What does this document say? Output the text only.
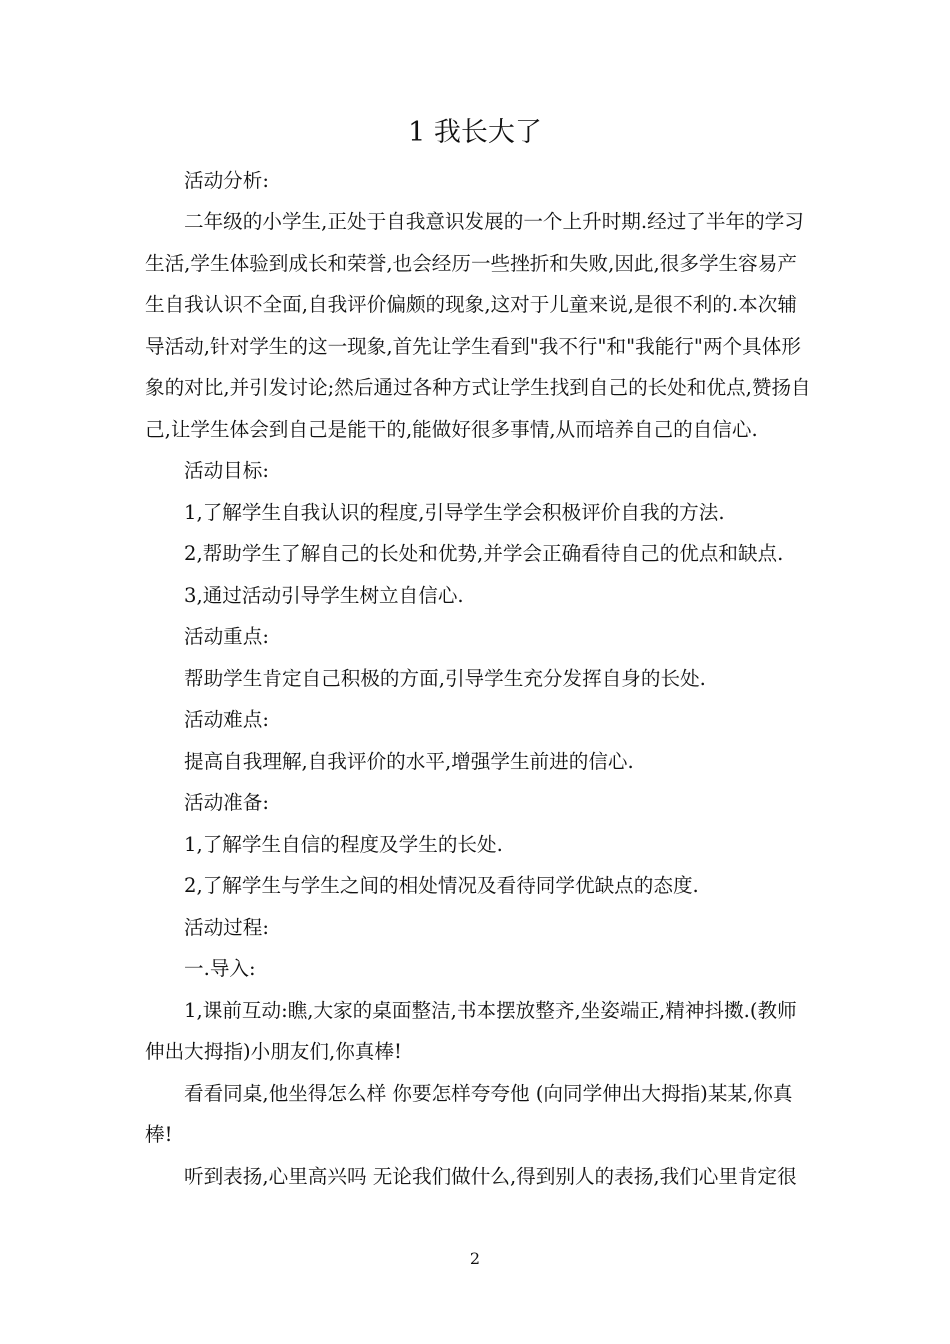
1 我长大了
活动分析:
二年级的小学生,正处于自我意识发展的一个上升时期.经过了半年的学习
生活,学生体验到成长和荣誉,也会经历一些挫折和失败,因此,很多学生容易产
生自我认识不全面,自我评价偏颇的现象,这对于儿童来说,是很不利的.本次辅
导活动,针对学生的这一现象,首先让学生看到"我不行"和"我能行"两个具体形
象的对比,并引发讨论;然后通过各种方式让学生找到自己的长处和优点,赞扬自
己,让学生体会到自己是能干的,能做好很多事情,从而培养自己的自信心.
活动目标:
1,了解学生自我认识的程度,引导学生学会积极评价自我的方法.
2,帮助学生了解自己的长处和优势,并学会正确看待自己的优点和缺点.
3,通过活动引导学生树立自信心.
活动重点:
帮助学生肯定自己积极的方面,引导学生充分发挥自身的长处.
活动难点:
提高自我理解,自我评价的水平,增强学生前进的信心.
活动准备:
1,了解学生自信的程度及学生的长处.
2,了解学生与学生之间的相处情况及看待同学优缺点的态度.
活动过程:
一.导入:
1,课前互动:瞧,大家的桌面整洁,书本摆放整齐,坐姿端正,精神抖擞.(教师
伸出大拇指)小朋友们,你真棒!
看看同桌,他坐得怎么样 你要怎样夸夸他 (向同学伸出大拇指)某某,你真
棒!
听到表扬,心里高兴吗 无论我们做什么,得到别人的表扬,我们心里肯定很
2
